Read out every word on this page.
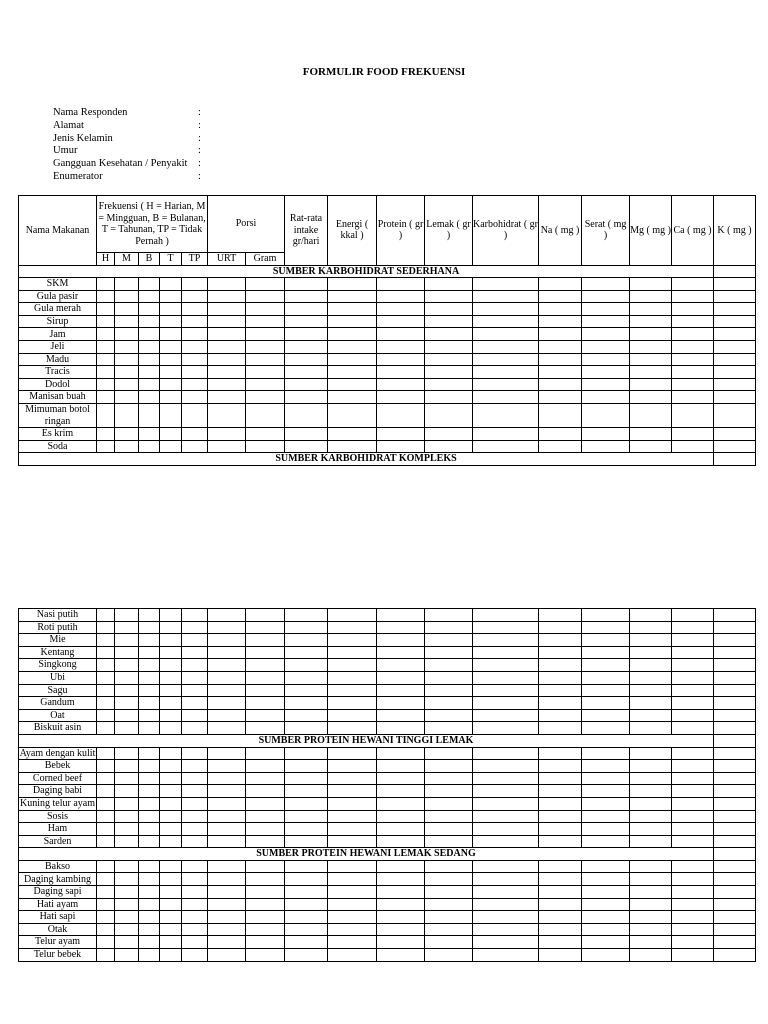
FORMULIR FOOD FREKUENSI
Nama Responden	:
Alamat	:
Jenis Kelamin	:
Umur	:
Gangguan Kesehatan / Penyakit :
Enumerator	:
Nama Makanan	Frekuensi ( H = Harian, M = Mingguan, B = Bulanan, T = Tahunan, TP = Tidak Pernah )					Porsi		Rat-rata intake gr/hari	Energi ( kkal )	Protein ( gr )	Lemak ( gr )	Karbohidrat ( gr )	Na ( mg )	Serat ( mg )	Mg ( mg )	Ca ( mg )	K ( mg )
	H	M	B	T	TP	URT	Gram										
SUMBER KARBOHIDRAT SEDERHANA																	
SKM																	
Gula pasir																	
Gula merah																	
Sirup																	
Jam																	
Jeli																	
Madu																	
Tracis																	
Dodol																	
Manisan buah																	
Mimuman botol ringan																	
Es krim																	
Soda																	
SUMBER KARBOHIDRAT KOMPLEKS																	
Nasi putih																	
Roti putih																	
Mie																	
Kentang																	
Singkong																	
Ubi																	
Sagu																	
Gandum																	
Oat																	
Biskuit asin																	
SUMBER PROTEIN HEWANI TINGGI LEMAK																	
Ayam dengan kulit																	
Bebek																	
Corned beef																	
Daging babi																	
Kuning telur ayam																	
Sosis																	
Ham																	
Sarden																	
SUMBER PROTEIN HEWANI LEMAK SEDANG																	
Bakso																	
Daging kambing																	
Daging sapi																	
Hati ayam																	
Hati sapi																	
Otak																	
Telur ayam																	
Telur bebek																	
